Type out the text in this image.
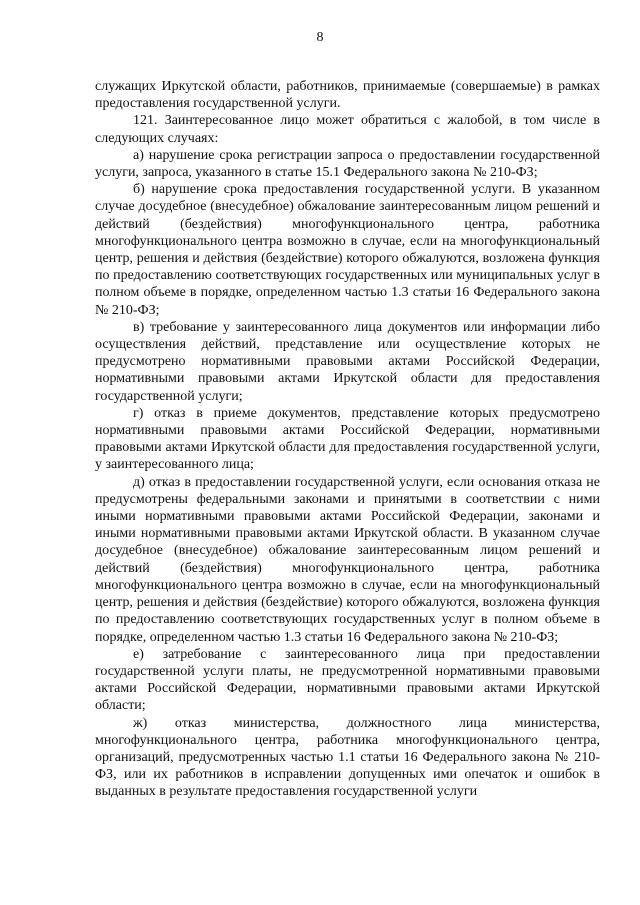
8

служащих Иркутской области, работников, принимаемые (совершаемые) в рамках предоставления государственной услуги.

121. Заинтересованное лицо может обратиться с жалобой, в том числе в следующих случаях:

а) нарушение срока регистрации запроса о предоставлении государственной услуги, запроса, указанного в статье 15.1 Федерального закона № 210-ФЗ;

б) нарушение срока предоставления государственной услуги. В указанном случае досудебное (внесудебное) обжалование заинтересованным лицом решений и действий (бездействия) многофункционального центра, работника многофункционального центра возможно в случае, если на многофункциональный центр, решения и действия (бездействие) которого обжалуются, возложена функция по предоставлению соответствующих государственных или муниципальных услуг в полном объеме в порядке, определенном частью 1.3 статьи 16 Федерального закона № 210-ФЗ;

в) требование у заинтересованного лица документов или информации либо осуществления действий, представление или осуществление которых не предусмотрено нормативными правовыми актами Российской Федерации, нормативными правовыми актами Иркутской области для предоставления государственной услуги;

г) отказ в приеме документов, представление которых предусмотрено нормативными правовыми актами Российской Федерации, нормативными правовыми актами Иркутской области для предоставления государственной услуги, у заинтересованного лица;

д) отказ в предоставлении государственной услуги, если основания отказа не предусмотрены федеральными законами и принятыми в соответствии с ними иными нормативными правовыми актами Российской Федерации, законами и иными нормативными правовыми актами Иркутской области. В указанном случае досудебное (внесудебное) обжалование заинтересованным лицом решений и действий (бездействия) многофункционального центра, работника многофункционального центра возможно в случае, если на многофункциональный центр, решения и действия (бездействие) которого обжалуются, возложена функция по предоставлению соответствующих государственных услуг в полном объеме в порядке, определенном частью 1.3 статьи 16 Федерального закона № 210-ФЗ;

е) затребование с заинтересованного лица при предоставлении государственной услуги платы, не предусмотренной нормативными правовыми актами Российской Федерации, нормативными правовыми актами Иркутской области;

ж) отказ министерства, должностного лица министерства, многофункционального центра, работника многофункционального центра, организаций, предусмотренных частью 1.1 статьи 16 Федерального закона № 210-ФЗ, или их работников в исправлении допущенных ими опечаток и ошибок в выданных в результате предоставления государственной услуги
